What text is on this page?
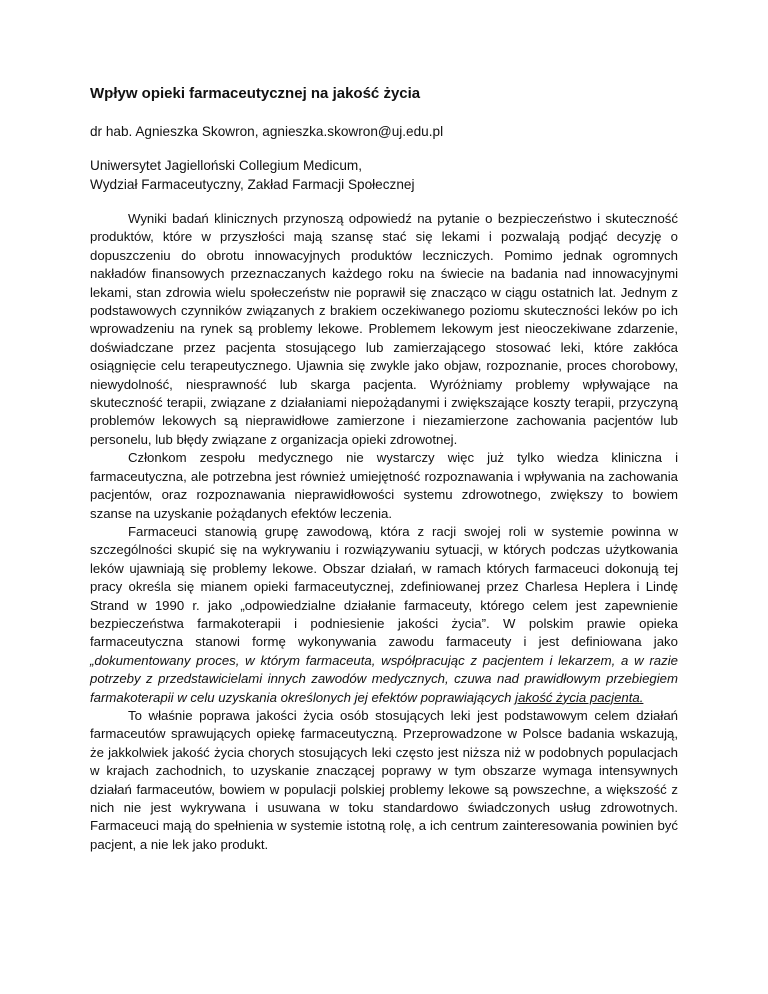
Wpływ opieki farmaceutycznej na jakość życia
dr hab. Agnieszka Skowron, agnieszka.skowron@uj.edu.pl
Uniwersytet Jagielloński Collegium Medicum,
Wydział Farmaceutyczny, Zakład Farmacji Społecznej

Wyniki badań klinicznych przynoszą odpowiedź na pytanie o bezpieczeństwo i skuteczność produktów, które w przyszłości mają szansę stać się lekami i pozwalają podjąć decyzję o dopuszczeniu do obrotu innowacyjnych produktów leczniczych. Pomimo jednak ogromnych nakładów finansowych przeznaczanych każdego roku na świecie na badania nad innowacyjnymi lekami, stan zdrowia wielu społeczeństw nie poprawił się znacząco w ciągu ostatnich lat. Jednym z podstawowych czynników związanych z brakiem oczekiwanego poziomu skuteczności leków po ich wprowadzeniu na rynek są problemy lekowe. Problemem lekowym jest nieoczekiwane zdarzenie, doświadczane przez pacjenta stosującego lub zamierzającego stosować leki, które zakłóca osiągnięcie celu terapeutycznego. Ujawnia się zwykle jako objaw, rozpoznanie, proces chorobowy, niewydolność, niesprawność lub skarga pacjenta. Wyróżniamy problemy wpływające na skuteczność terapii, związane z działaniami niepożądanymi i zwiększające koszty terapii, przyczyną problemów lekowych są nieprawidłowe zamierzone i niezamierzone zachowania pacjentów lub personelu, lub błędy związane z organizacja opieki zdrowotnej.

Członkom zespołu medycznego nie wystarczy więc już tylko wiedza kliniczna i farmaceutyczna, ale potrzebna jest również umiejętność rozpoznawania i wpływania na zachowania pacjentów, oraz rozpoznawania nieprawidłowości systemu zdrowotnego, zwiększy to bowiem szanse na uzyskanie pożądanych efektów leczenia.

Farmaceuci stanowią grupę zawodową, która z racji swojej roli w systemie powinna w szczególności skupić się na wykrywaniu i rozwiązywaniu sytuacji, w których podczas użytkowania leków ujawniają się problemy lekowe. Obszar działań, w ramach których farmaceuci dokonują tej pracy określa się mianem opieki farmaceutycznej, zdefiniowanej przez Charlesa Heplera i Lindę Strand w 1990 r. jako „odpowiedzialne działanie farmaceuty, którego celem jest zapewnienie bezpieczeństwa farmakoterapii i podniesienie jakości życia”. W polskim prawie opieka farmaceutyczna stanowi formę wykonywania zawodu farmaceuty i jest definiowana jako „dokumentowany proces, w którym farmaceuta, współpracując z pacjentem i lekarzem, a w razie potrzeby z przedstawicielami innych zawodów medycznych, czuwa nad prawidłowym przebiegiem farmakoterapii w celu uzyskania określonych jej efektów poprawiających jakość życia pacjenta.

To właśnie poprawa jakości życia osób stosujących leki jest podstawowym celem działań farmaceutów sprawujących opiekę farmaceutyczną. Przeprowadzone w Polsce badania wskazują, że jakkolwiek jakość życia chorych stosujących leki często jest niższa niż w podobnych populacjach w krajach zachodnich, to uzyskanie znaczącej poprawy w tym obszarze wymaga intensywnych działań farmaceutów, bowiem w populacji polskiej problemy lekowe są powszechne, a większość z nich nie jest wykrywana i usuwana w toku standardowo świadczonych usług zdrowotnych. Farmaceuci mają do spełnienia w systemie istotną rolę, a ich centrum zainteresowania powinien być pacjent, a nie lek jako produkt.
